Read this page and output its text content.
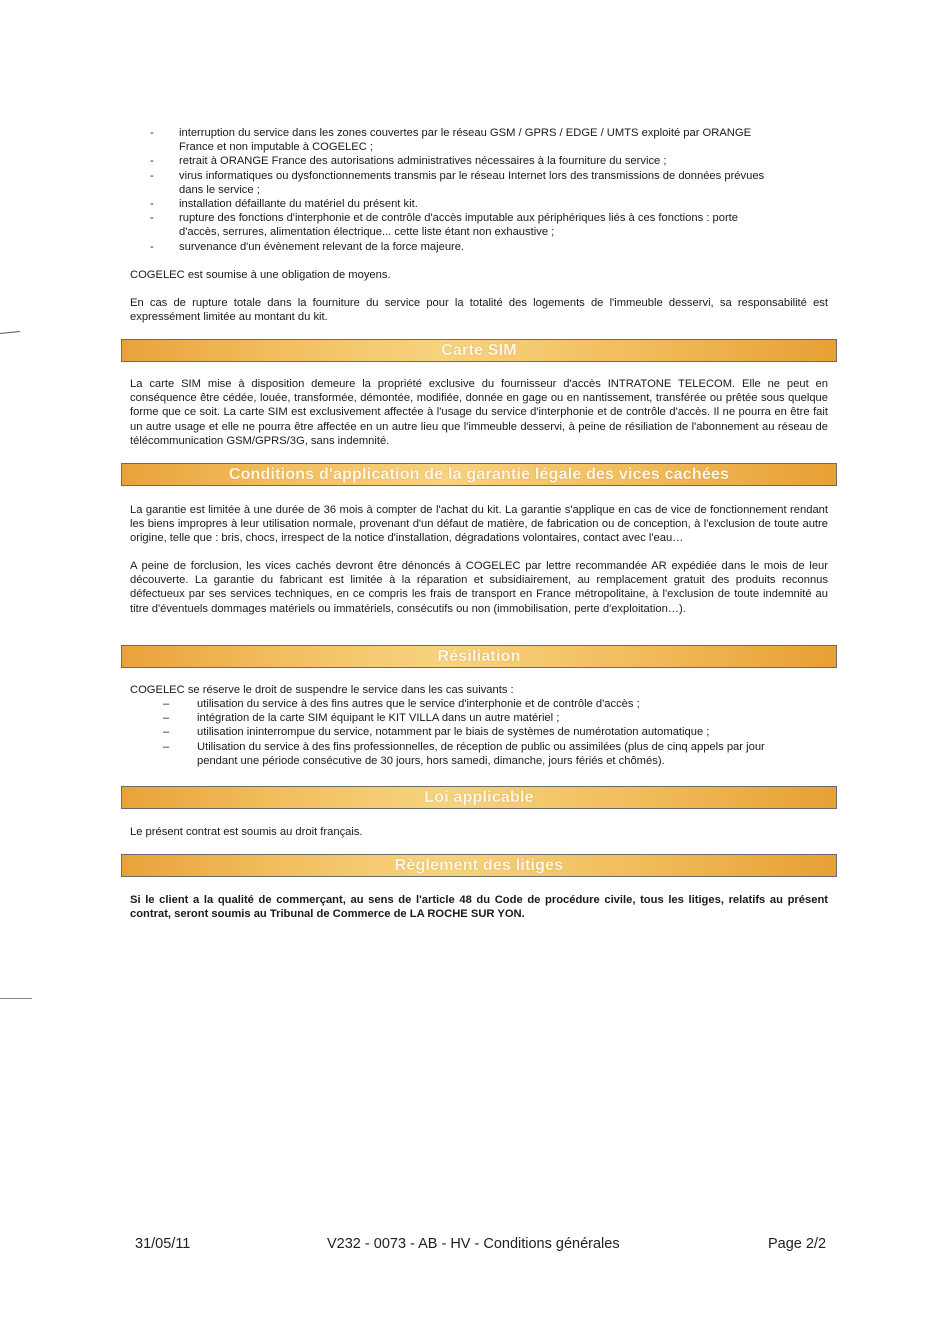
- interruption du service dans les zones couvertes par le réseau GSM / GPRS / EDGE / UMTS exploité par ORANGE
France et non imputable à COGELEC ;
- retrait à ORANGE France des autorisations administratives nécessaires à la fourniture du service ;
- virus informatiques ou dysfonctionnements transmis par le réseau Internet lors des transmissions de données prévues
dans le service ;
- installation défaillante du matériel du présent kit.
- rupture des fonctions d'interphonie et de contrôle d'accès imputable aux périphériques liés à ces fonctions : porte
d'accès, serrures, alimentation électrique... cette liste étant non exhaustive ;
- survenance d'un évènement relevant de la force majeure.

COGELEC est soumise à une obligation de moyens.

En cas de rupture totale dans la fourniture du service pour la totalité des logements de l'immeuble desservi, sa responsabilité est expressément limitée au montant du kit.

Carte SIM

La carte SIM mise à disposition demeure la propriété exclusive du fournisseur d'accès INTRATONE TELECOM. Elle ne peut en conséquence être cédée, louée, transformée, démontée, modifiée, donnée en gage ou en nantissement, transférée ou prêtée sous quelque forme que ce soit. La carte SIM est exclusivement affectée à l'usage du service d'interphonie et de contrôle d'accès. Il ne pourra en être fait un autre usage et elle ne pourra être affectée en un autre lieu que l'immeuble desservi, à peine de résiliation de l'abonnement au réseau de télécommunication GSM/GPRS/3G, sans indemnité.

Conditions d'application de la garantie légale des vices cachées

La garantie est limitée à une durée de 36 mois à compter de l'achat du kit. La garantie s'applique en cas de vice de fonctionnement rendant les biens impropres à leur utilisation normale, provenant d'un défaut de matière, de fabrication ou de conception, à l'exclusion de toute autre origine, telle que : bris, chocs, irrespect de la notice d'installation, dégradations volontaires, contact avec l'eau…

A peine de forclusion, les vices cachés devront être dénoncés à COGELEC par lettre recommandée AR expédiée dans le mois de leur découverte. La garantie du fabricant est limitée à la réparation et subsidiairement, au remplacement gratuit des produits reconnus défectueux par ses services techniques, en ce compris les frais de transport en France métropolitaine, à l'exclusion de toute indemnité au titre d'éventuels dommages matériels ou immatériels, consécutifs ou non (immobilisation, perte d'exploitation…).

Résiliation

COGELEC se réserve le droit de suspendre le service dans les cas suivants :

– utilisation du service à des fins autres que le service d'interphonie et de contrôle d'accès ;
– intégration de la carte SIM équipant le KIT VILLA dans un autre matériel ;
– utilisation ininterrompue du service, notamment par le biais de systèmes de numérotation automatique ;
– Utilisation du service à des fins professionnelles, de réception de public ou assimilées (plus de cinq appels par jour
pendant une période consécutive de 30 jours, hors samedi, dimanche, jours fériés et chômés).
Loi applicable

Le présent contrat est soumis au droit français.

Règlement des litiges

Si le client a la qualité de commerçant, au sens de l'article 48 du Code de procédure civile, tous les litiges, relatifs au présent contrat, seront soumis au Tribunal de Commerce de LA ROCHE SUR YON.

31/05/11	V232 - 0073 - AB - HV - Conditions générales	Page 2/2
